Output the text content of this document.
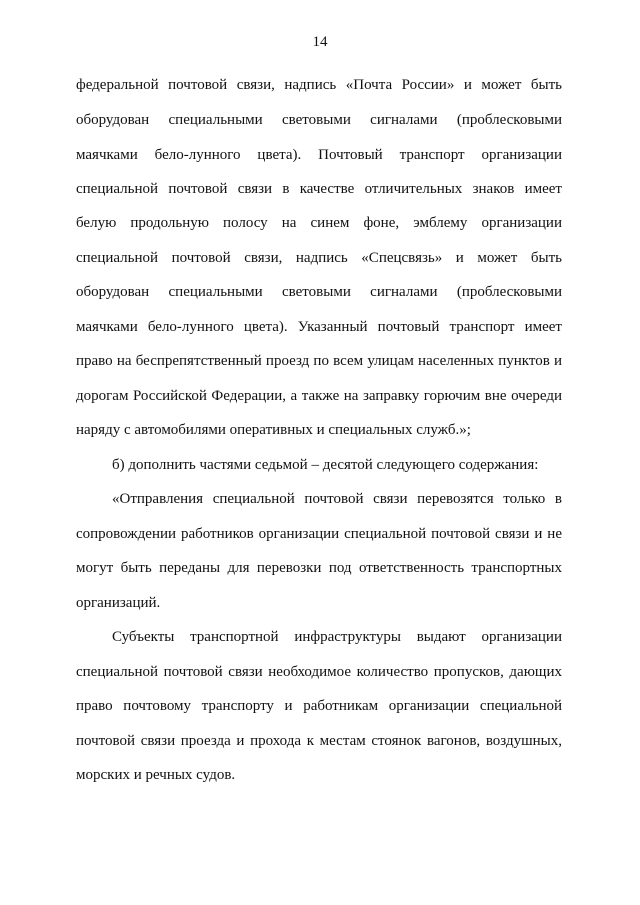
14
федеральной почтовой связи, надпись «Почта России» и может быть
оборудован специальными световыми сигналами (проблесковыми
маячками бело-лунного цвета). Почтовый транспорт организации
специальной почтовой связи в качестве отличительных знаков имеет
белую продольную полосу на синем фоне, эмблему организации
специальной почтовой связи, надпись «Спецсвязь» и может быть
оборудован специальными световыми сигналами (проблесковыми
маячками бело-лунного цвета). Указанный почтовый транспорт имеет
право на беспрепятственный проезд по всем улицам населенных пунктов и
дорогам Российской Федерации, а также на заправку горючим вне очереди
наряду с автомобилями оперативных и специальных служб.»;
б) дополнить частями седьмой – десятой следующего содержания:
«Отправления специальной почтовой связи перевозятся только в
сопровождении работников организации специальной почтовой связи и не
могут быть переданы для перевозки под ответственность транспортных
организаций.
Субъекты транспортной инфраструктуры выдают организации
специальной почтовой связи необходимое количество пропусков, дающих
право почтовому транспорту и работникам организации специальной
почтовой связи проезда и прохода к местам стоянок вагонов, воздушных,
морских и речных судов.
